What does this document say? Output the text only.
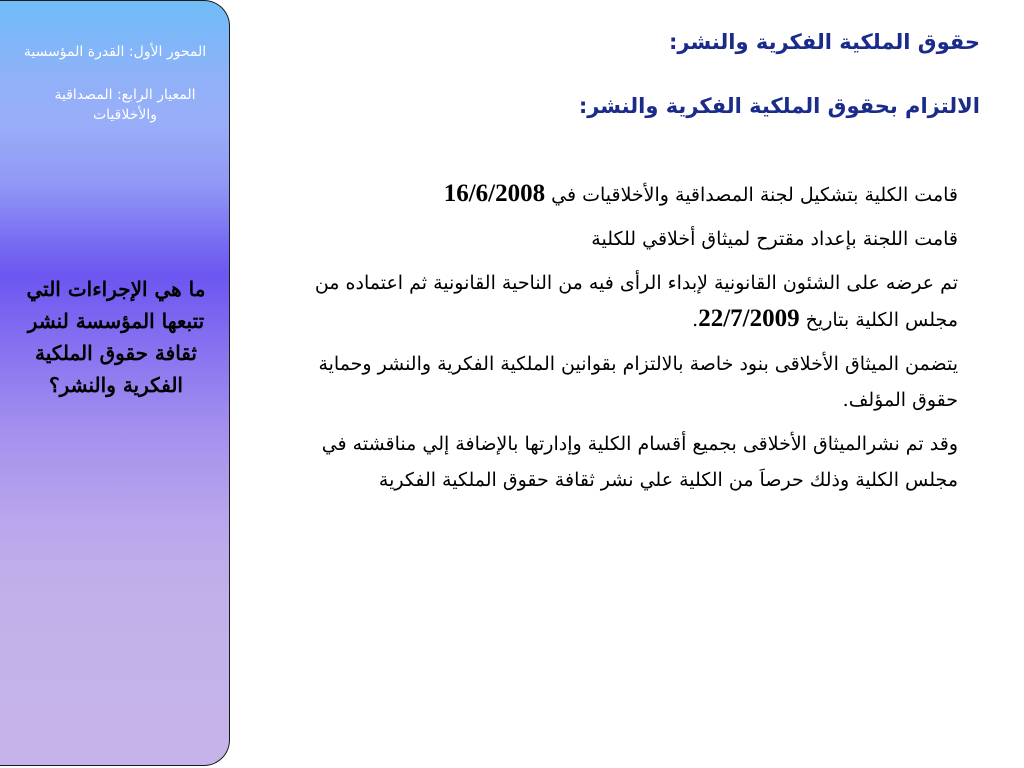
المحور الأول: القدرة المؤسسية
المعيار الرابع: المصداقية والأخلاقيات
ما هي الإجراءات التي تتبعها المؤسسة لنشر ثقافة حقوق الملكية الفكرية والنشر؟
حقوق الملكية الفكرية والنشر:
الالتزام بحقوق الملكية الفكرية والنشر:

قامت الكلية بتشكيل لجنة المصداقية والأخلاقيات في 16/6/2008

قامت اللجنة بإعداد مقترح لميثاق أخلاقي للكلية

تم عرضه على الشئون القانونية لإبداء الرأى فيه من الناحية القانونية ثم اعتماده من مجلس الكلية بتاريخ 22/7/2009.

يتضمن الميثاق الأخلاقى بنود خاصة بالالتزام بقوانين الملكية الفكرية والنشر وحماية حقوق المؤلف.

وقد تم نشرالميثاق الأخلاقى بجميع أقسام الكلية وإدارتها بالإضافة إلي مناقشته في مجلس الكلية وذلك حرصاَ من الكلية علي نشر ثقافة حقوق الملكية الفكرية
